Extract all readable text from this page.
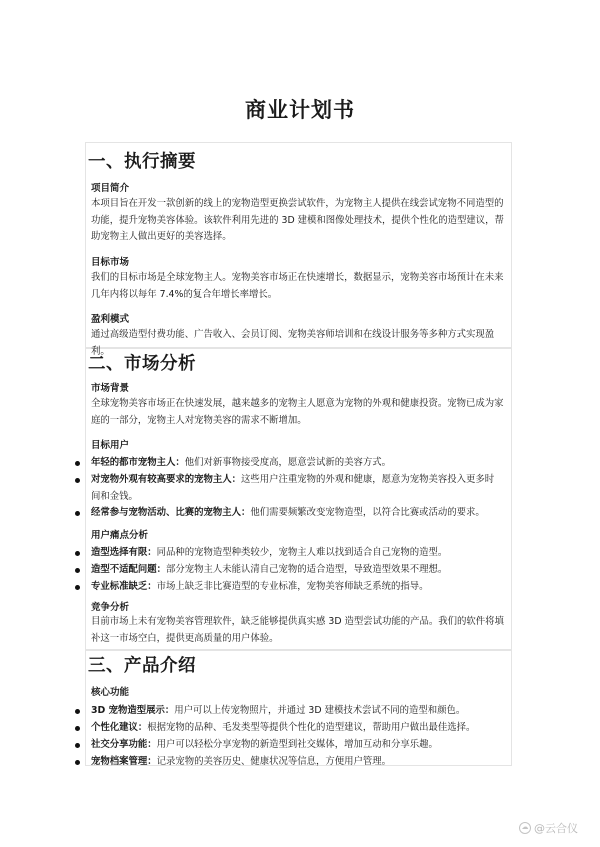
商业计划书
一、执行摘要
项目简介
本项目旨在开发一款创新的线上的宠物造型更换尝试软件，为宠物主人提供在线尝试宠物不同造型的
功能，提升宠物美容体验。该软件利用先进的 3D 建模和图像处理技术，提供个性化的造型建议，帮
助宠物主人做出更好的美容选择。
目标市场
我们的目标市场是全球宠物主人。宠物美容市场正在快速增长，数据显示，宠物美容市场预计在未来
几年内将以每年 7.4%的复合年增长率增长。
盈利模式
通过高级造型付费功能、广告收入、会员订阅、宠物美容师培训和在线设计服务等多种方式实现盈利。
二、市场分析
市场背景
全球宠物美容市场正在快速发展，越来越多的宠物主人愿意为宠物的外观和健康投资。宠物已成为家
庭的一部分，宠物主人对宠物美容的需求不断增加。
目标用户
年轻的都市宠物主人：他们对新事物接受度高，愿意尝试新的美容方式。
对宠物外观有较高要求的宠物主人：这些用户注重宠物的外观和健康，愿意为宠物美容投入更多时
间和金钱。
经常参与宠物活动、比赛的宠物主人：他们需要频繁改变宠物造型，以符合比赛或活动的要求。
用户痛点分析
造型选择有限：同品种的宠物造型种类较少，宠物主人难以找到适合自己宠物的造型。
造型不适配问题：部分宠物主人未能认清自己宠物的适合造型，导致造型效果不理想。
专业标准缺乏：市场上缺乏非比赛造型的专业标准，宠物美容师缺乏系统的指导。
竞争分析
目前市场上未有宠物美容管理软件，缺乏能够提供真实感 3D 造型尝试功能的产品。我们的软件将填
补这一市场空白，提供更高质量的用户体验。
三、产品介绍
核心功能
3D 宠物造型展示：用户可以上传宠物照片，并通过 3D 建模技术尝试不同的造型和颜色。
个性化建议：根据宠物的品种、毛发类型等提供个性化的造型建议，帮助用户做出最佳选择。
社交分享功能：用户可以轻松分享宠物的新造型到社交媒体，增加互动和分享乐趣。
宠物档案管理：记录宠物的美容历史、健康状况等信息，方便用户管理。
☁ @云合仪
